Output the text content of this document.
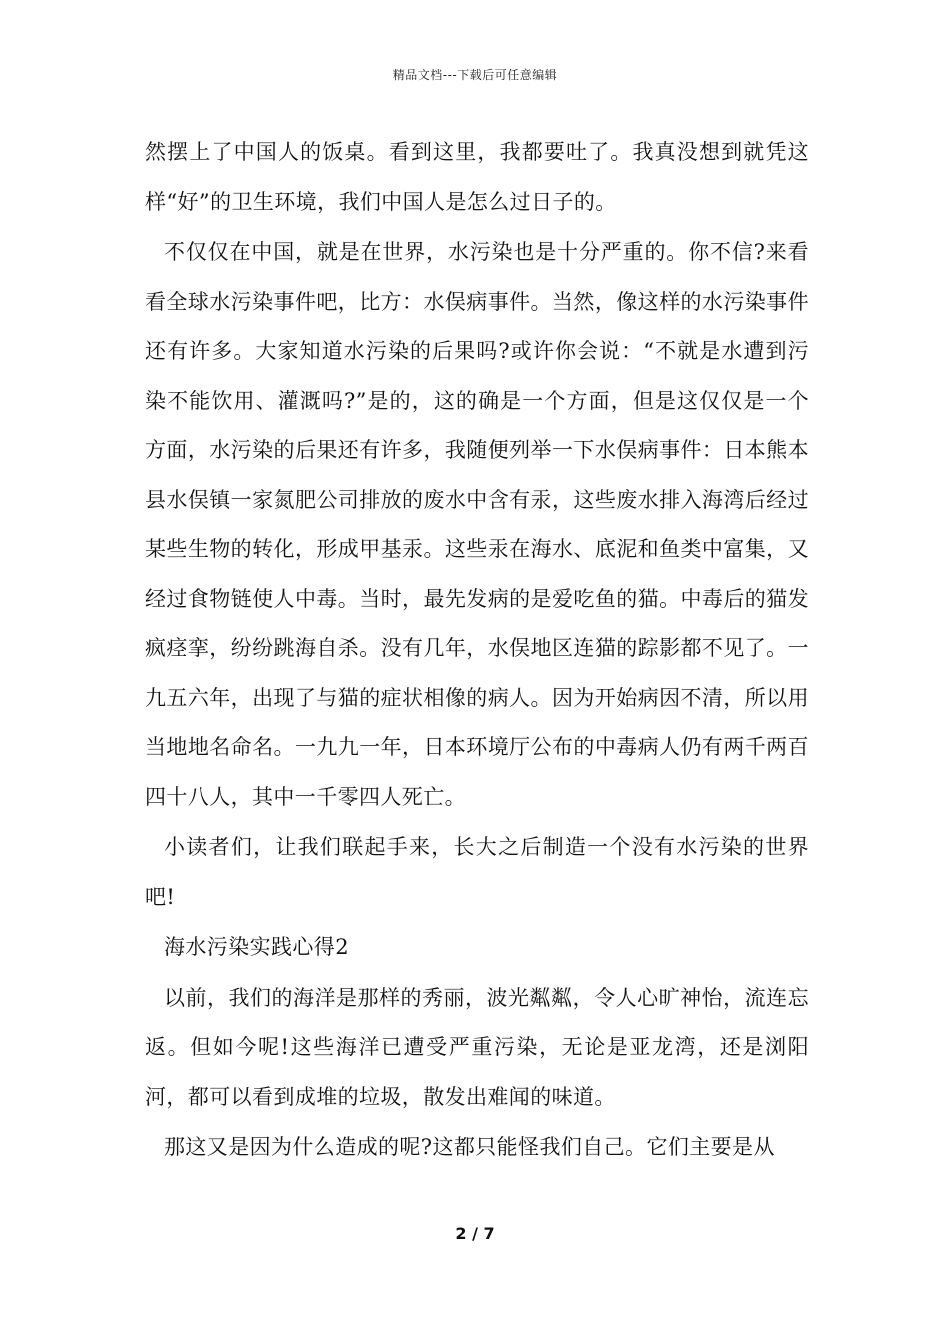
精品文档---下载后可任意编辑

然摆上了中国人的饭桌。看到这里，我都要吐了。我真没想到就凭这样“好”的卫生环境，我们中国人是怎么过日子的。

不仅仅在中国，就是在世界，水污染也是十分严重的。你不信?来看看全球水污染事件吧，比方：水俣病事件。当然，像这样的水污染事件还有许多。大家知道水污染的后果吗?或许你会说：“不就是水遭到污染不能饮用、灌溉吗?”是的，这的确是一个方面，但是这仅仅是一个方面，水污染的后果还有许多，我随便列举一下水俣病事件：日本熊本县水俣镇一家氮肥公司排放的废水中含有汞，这些废水排入海湾后经过某些生物的转化，形成甲基汞。这些汞在海水、底泥和鱼类中富集，又经过食物链使人中毒。当时，最先发病的是爱吃鱼的猫。中毒后的猫发疯痉挛，纷纷跳海自杀。没有几年，水俣地区连猫的踪影都不见了。一九五六年，出现了与猫的症状相像的病人。因为开始病因不清，所以用当地地名命名。一九九一年，日本环境厅公布的中毒病人仍有两千两百四十八人，其中一千零四人死亡。

小读者们，让我们联起手来，长大之后制造一个没有水污染的世界吧!

海水污染实践心得2

以前，我们的海洋是那样的秀丽，波光粼粼，令人心旷神怡，流连忘返。但如今呢!这些海洋已遭受严重污染，无论是亚龙湾，还是浏阳河，都可以看到成堆的垃圾，散发出难闻的味道。

那这又是因为什么造成的呢?这都只能怪我们自己。它们主要是从

2 / 7
